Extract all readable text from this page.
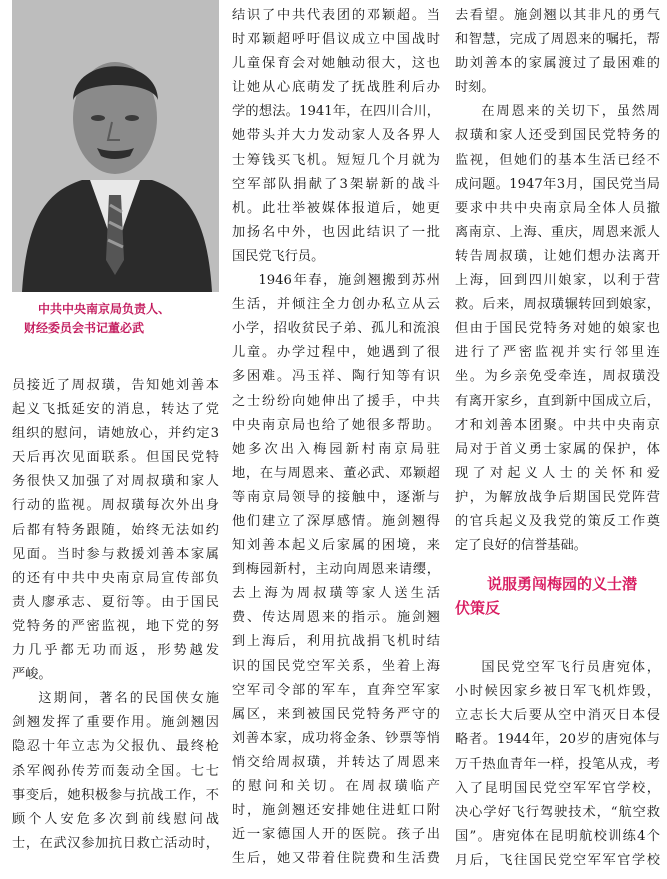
中共中央南京局负责人、
财经委员会书记董必武
员接近了周叔璜，告知她刘善本
起义飞抵延安的消息，转达了党
组织的慰问，请她放心，并约定3
天后再次见面联系。但国民党特
务很快又加强了对周叔璜和家人
行动的监视。周叔璜每次外出身
后都有特务跟随，始终无法如约
见面。当时参与救援刘善本家属
的还有中共中央南京局宣传部负
责人廖承志、夏衍等。由于国民
党特务的严密监视，地下党的努
力几乎都无功而返，形势越发
严峻。
这期间，著名的民国侠女施
剑翘发挥了重要作用。施剑翘因
隐忍十年立志为父报仇、最终枪
杀军阀孙传芳而轰动全国。七七
事变后，她积极参与抗战工作，不
顾个人安危多次到前线慰问战
士，在武汉参加抗日救亡活动时，
结识了中共代表团的邓颖超。当
时邓颖超呼吁倡议成立中国战时
儿童保育会对她触动很大，这也
让她从心底萌发了抚战胜利后办
学的想法。1941年，在四川合川，
她带头并大力发动家人及各界人
士筹钱买飞机。短短几个月就为
空军部队捐献了3架崭新的战斗
机。此壮举被媒体报道后，她更
加扬名中外，也因此结识了一批
国民党飞行员。
1946年春，施剑翘搬到苏州
生活，并倾注全力创办私立从云
小学，招收贫民子弟、孤儿和流浪
儿童。办学过程中，她遇到了很
多困难。冯玉祥、陶行知等有识
之士纷纷向她伸出了援手，中共
中央南京局也给了她很多帮助。
她多次出入梅园新村南京局驻
地，在与周恩来、董必武、邓颖超
等南京局领导的接触中，逐渐与
他们建立了深厚感情。施剑翘得
知刘善本起义后家属的困境，来
到梅园新村，主动向周恩来请缨，
去上海为周叔璜等家人送生活
费、传达周恩来的指示。施剑翘
到上海后，利用抗战捐飞机时结
识的国民党空军关系，坐着上海
空军司令部的军车，直奔空军家
属区，来到被国民党特务严守的
刘善本家，成功将金条、钞票等悄
悄交给周叔璜，并转达了周恩来
的慰问和关切。在周叔璜临产
时，施剑翘还安排她住进虹口附
近一家德国人开的医院。孩子出
生后，她又带着住院费和生活费
去看望。施剑翘以其非凡的勇气
和智慧，完成了周恩来的嘱托，帮
助刘善本的家属渡过了最困难的
时刻。
在周恩来的关切下，虽然周
叔璜和家人还受到国民党特务的
监视，但她们的基本生活已经不
成问题。1947年3月，国民党当局
要求中共中央南京局全体人员撤
离南京、上海、重庆，周恩来派人
转告周叔璜，让她们想办法离开
上海，回到四川娘家，以利于营
救。后来，周叔璜辗转回到娘家，
但由于国民党特务对她的娘家也
进行了严密监视并实行邻里连
坐。为乡亲免受牵连，周叔璜没
有离开家乡，直到新中国成立后，
才和刘善本团聚。中共中央南京
局对于首义勇士家属的保护，体
现了对起义人士的关怀和爱
护，为解放战争后期国民党阵营
的官兵起义及我党的策反工作奠
定了良好的信誉基础。
说服勇闯梅园的义士潜
伏策反
国民党空军飞行员唐宛体，
小时候因家乡被日军飞机炸毁，
立志长大后要从空中消灭日本侵
略者。1944年，20岁的唐宛体与
万千热血青年一样，投笔从戎，考
入了昆明国民党空军军官学校，
决心学好飞行驾驶技术，“航空救
国”。唐宛体在昆明航校训练4个
月后，飞往国民党空军军官学校
